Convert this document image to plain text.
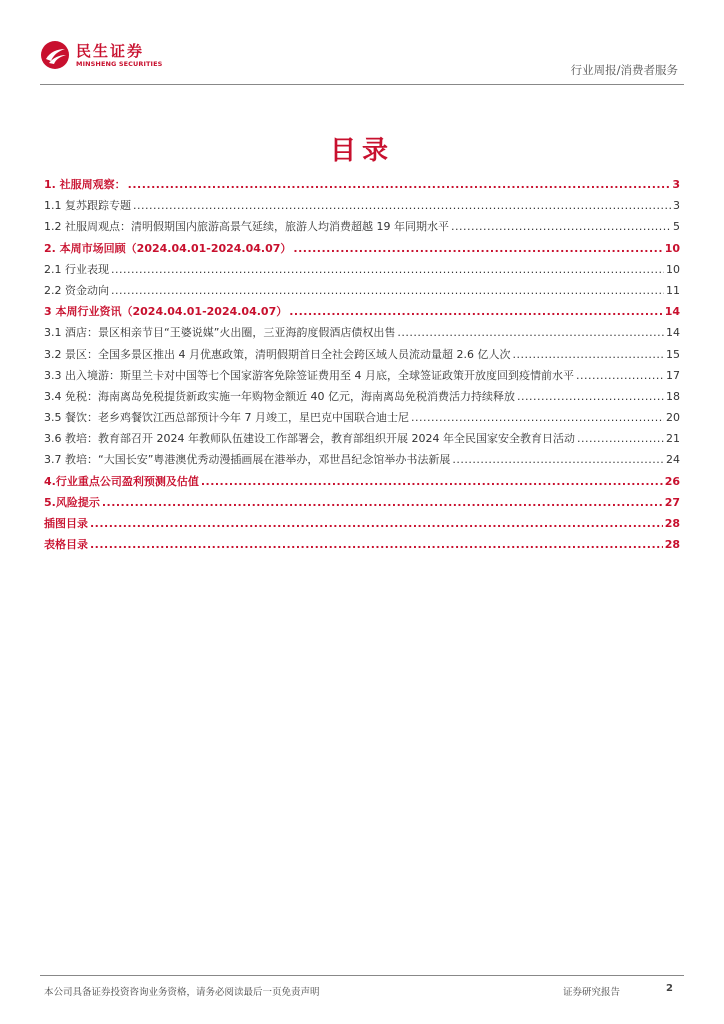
民生证券
MINSHENG SECURITIES	行业周报/消费者服务
目录
1. 社服周观察： .....	3
1.1 复苏跟踪专题 .....	3
1.2 社服周观点：清明假期国内旅游高景气延续，旅游人均消费超越 19 年同期水平 .....	5
2. 本周市场回顾（2024.04.01-2024.04.07） .....	10
2.1 行业表现 .....	10
2.2 资金动向 .....	11
3 本周行业资讯（2024.04.01-2024.04.07） .....	14
3.1 酒店：景区相亲节目“王婆说媒”火出圈，三亚海韵度假酒店债权出售 .....	14
3.2 景区：全国多景区推出 4 月优惠政策，清明假期首日全社会跨区域人员流动量超 2.6 亿人次 .....	15
3.3 出入境游：斯里兰卡对中国等七个国家游客免除签证费用至 4 月底，全球签证政策开放度回到疫情前水平 .....	17
3.4 免税：海南离岛免税提货新政实施一年购物金额近 40 亿元，海南离岛免税消费活力持续释放 .....	18
3.5 餐饮：老乡鸡餐饮江西总部预计今年 7 月竣工，星巴克中国联合迪士尼 .....	20
3.6 教培：教育部召开 2024 年教师队伍建设工作部署会，教育部组织开展 2024 年全民国家安全教育日活动 .....	21
3.7 教培：“大国长安”粤港澳优秀动漫插画展在港举办，邓世昌纪念馆举办书法新展 .....	24
4.行业重点公司盈利预测及估值 .....	26
5.风险提示 .....	27
插图目录 .....	28
表格目录 .....	28
本公司具备证券投资咨询业务资格，请务必阅读最后一页免责声明	证券研究报告	2
